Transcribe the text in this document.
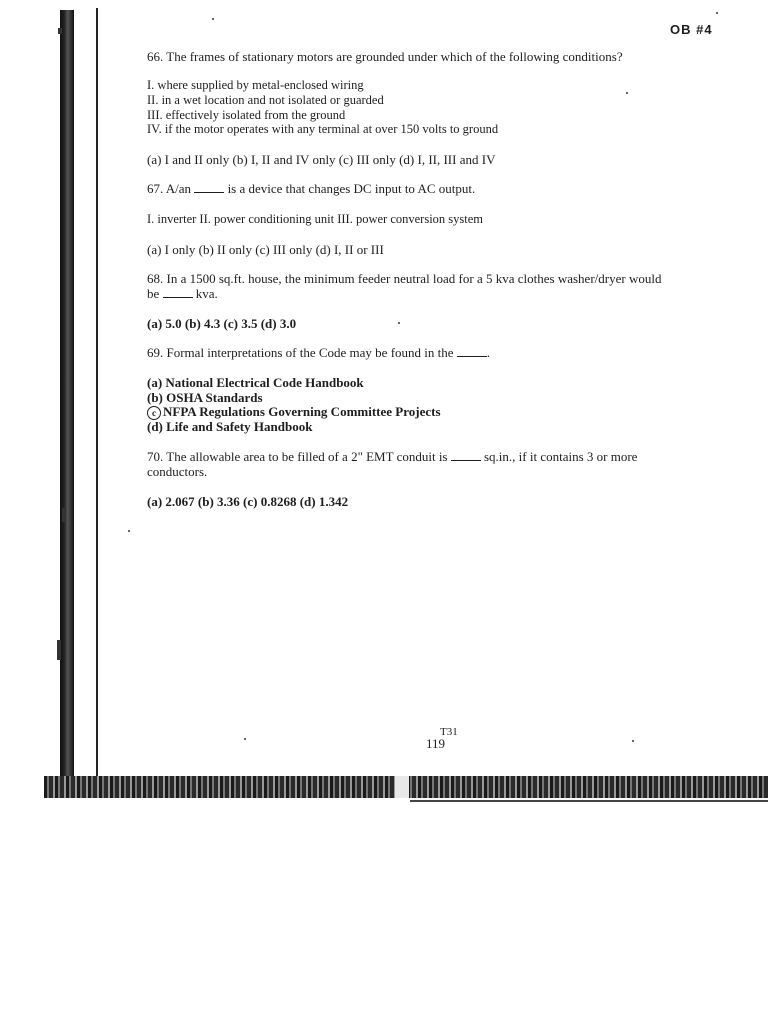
OB #4
66. The frames of stationary motors are grounded under which of the following conditions?
I. where supplied by metal-enclosed wiring
II. in a wet location and not isolated or guarded
III. effectively isolated from the ground
IV. if the motor operates with any terminal at over 150 volts to ground
(a) I and II only (b) I, II and IV only (c) III only (d) I, II, III and IV
67. A/an  is a device that changes DC input to AC output.
I. inverter II. power conditioning unit III. power conversion system
(a) I only (b) II only (c) III only (d) I, II or III
68. In a 1500 sq.ft. house, the minimum feeder neutral load for a 5 kva clothes washer/dryer would
be  kva.
(a) 5.0 (b) 4.3 (c) 3.5 (d) 3.0
69. Formal interpretations of the Code may be found in the .
(a) National Electrical Code Handbook
(b) OSHA Standards
c NFPA Regulations Governing Committee Projects
(d) Life and Safety Handbook
70. The allowable area to be filled of a 2" EMT conduit is  sq.in., if it contains 3 or more
conductors.
(a) 2.067 (b) 3.36 (c) 0.8268 (d) 1.342
T31
119
